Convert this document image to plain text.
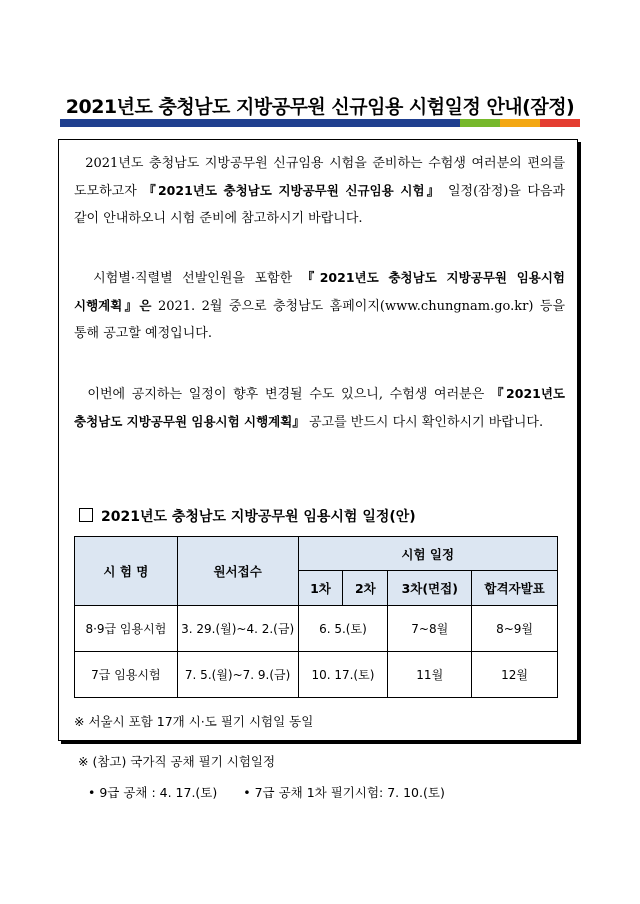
2021년도 충청남도 지방공무원 신규임용 시험일정 안내(잠정)
2021년도 충청남도 지방공무원 신규임용 시험을 준비하는 수험생 여러분의 편의를 도모하고자 『2021년도 충청남도 지방공무원 신규임용 시험』 일정(잠정)을 다음과 같이 안내하오니 시험 준비에 참고하시기 바랍니다.
시험별·직렬별 선발인원을 포함한 『2021년도 충청남도 지방공무원 임용시험 시행계획』은 2021. 2월 중으로 충청남도 홈페이지(www.chungnam.go.kr) 등을 통해 공고할 예정입니다.
이번에 공지하는 일정이 향후 변경될 수도 있으니, 수험생 여러분은 『2021년도 충청남도 지방공무원 임용시험 시행계획』 공고를 반드시 다시 확인하시기 바랍니다.
2021년도 충청남도 지방공무원 임용시험 일정(안)
시 험 명	원서접수	시험 일정			
		1차	2차	3차(면접)	합격자발표
8·9급 임용시험	3. 29.(월)~4. 2.(금)	6. 5.(토)		7~8월	8~9월
7급 임용시험	7. 5.(월)~7. 9.(금)	10. 17.(토)		11월	12월
※ 서울시 포함 17개 시·도 필기 시험일 동일
※ (참고) 국가직 공채 필기 시험일정
• 9급 공채 : 4. 17.(토) • 7급 공채 1차 필기시험: 7. 10.(토)
